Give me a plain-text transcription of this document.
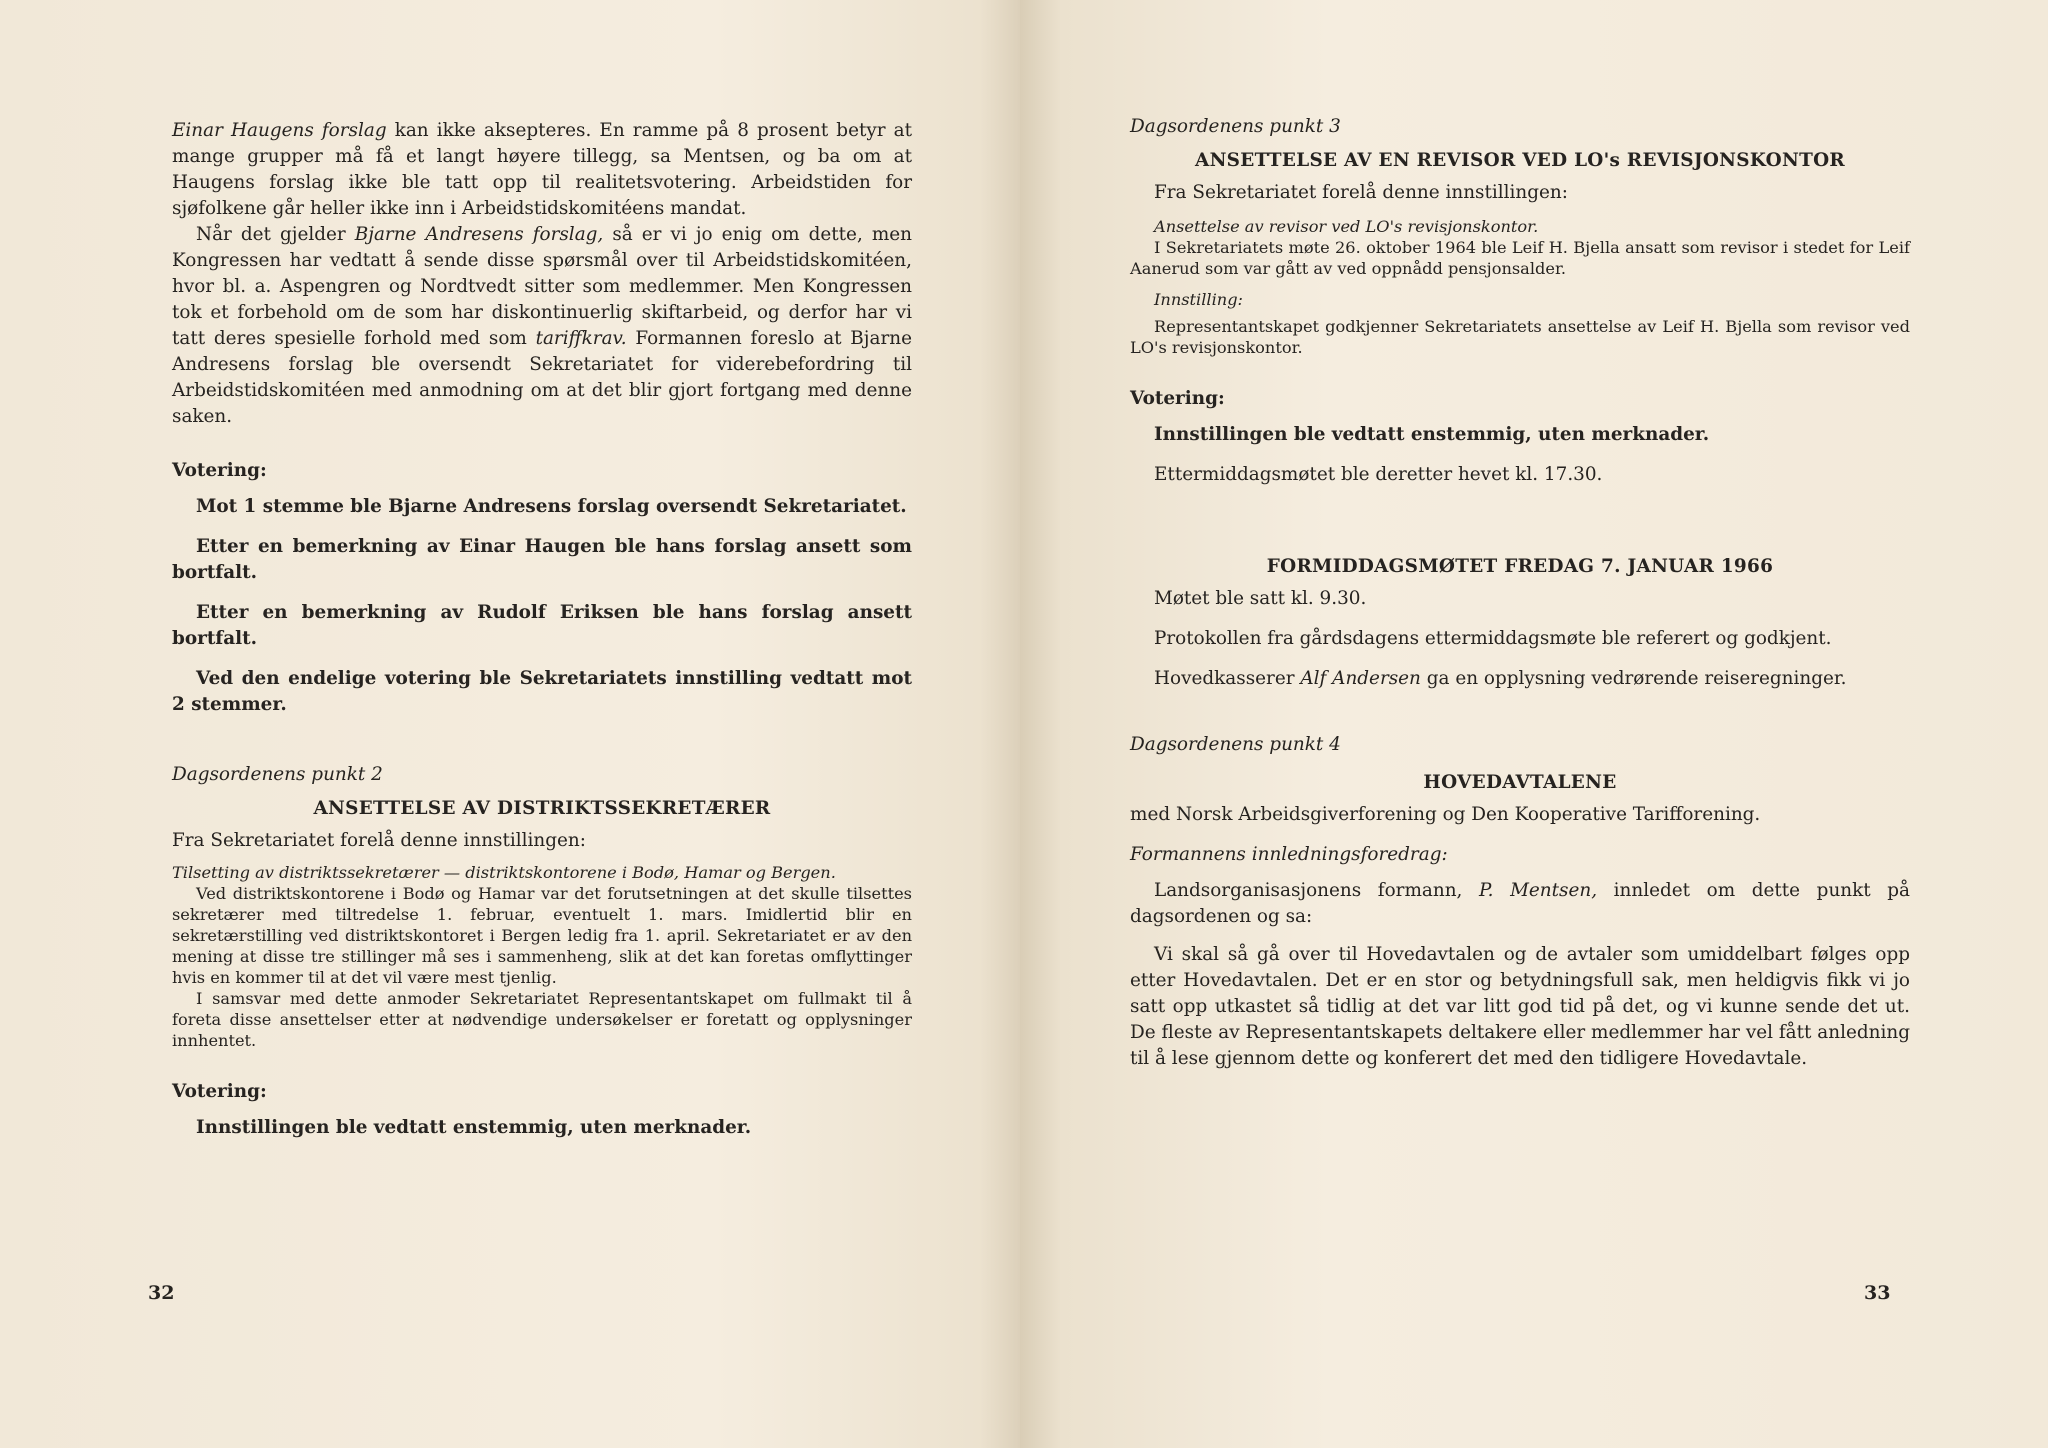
Einar Haugens forslag kan ikke aksepteres. En ramme på 8 prosent betyr at mange grupper må få et langt høyere tillegg, sa Mentsen, og ba om at Haugens forslag ikke ble tatt opp til realitetsvotering. Arbeidstiden for sjøfolkene går heller ikke inn i Arbeidstidskomitéens mandat.

Når det gjelder Bjarne Andresens forslag, så er vi jo enig om dette, men Kongressen har vedtatt å sende disse spørsmål over til Arbeidstidskomitéen, hvor bl. a. Aspengren og Nordtvedt sitter som medlemmer. Men Kongressen tok et forbehold om de som har diskontinuerlig skiftarbeid, og derfor har vi tatt deres spesielle forhold med som tariffkrav. Formannen foreslo at Bjarne Andresens forslag ble oversendt Sekretariatet for viderebefordring til Arbeidstidskomitéen med anmodning om at det blir gjort fortgang med denne saken.

Votering:

Mot 1 stemme ble Bjarne Andresens forslag oversendt Sekretariatet.

Etter en bemerkning av Einar Haugen ble hans forslag ansett som bortfalt.

Etter en bemerkning av Rudolf Eriksen ble hans forslag ansett bortfalt.

Ved den endelige votering ble Sekretariatets innstilling vedtatt mot 2 stemmer.

Dagsordenens punkt 2

ANSETTELSE AV DISTRIKTSSEKRETÆRER

Fra Sekretariatet forelå denne innstillingen:

Tilsetting av distriktssekretærer — distriktskontorene i Bodø, Hamar og Bergen.

Ved distriktskontorene i Bodø og Hamar var det forutsetningen at det skulle tilsettes sekretærer med tiltredelse 1. februar, eventuelt 1. mars. Imidlertid blir en sekretærstilling ved distriktskontoret i Bergen ledig fra 1. april. Sekretariatet er av den mening at disse tre stillinger må ses i sammenheng, slik at det kan foretas omflyttinger hvis en kommer til at det vil være mest tjenlig.

I samsvar med dette anmoder Sekretariatet Representantskapet om fullmakt til å foreta disse ansettelser etter at nødvendige undersøkelser er foretatt og opplysninger innhentet.

Votering:

Innstillingen ble vedtatt enstemmig, uten merknader.

32

Dagsordenens punkt 3

ANSETTELSE AV EN REVISOR VED LO's REVISJONSKONTOR

Fra Sekretariatet forelå denne innstillingen:

Ansettelse av revisor ved LO's revisjonskontor.

I Sekretariatets møte 26. oktober 1964 ble Leif H. Bjella ansatt som revisor i stedet for Leif Aanerud som var gått av ved oppnådd pensjonsalder.

Innstilling:

Representantskapet godkjenner Sekretariatets ansettelse av Leif H. Bjella som revisor ved LO's revisjonskontor.

Votering:

Innstillingen ble vedtatt enstemmig, uten merknader.

Ettermiddagsmøtet ble deretter hevet kl. 17.30.

FORMIDDAGSMØTET FREDAG 7. JANUAR 1966

Møtet ble satt kl. 9.30.

Protokollen fra gårdsdagens ettermiddagsmøte ble referert og godkjent.

Hovedkasserer Alf Andersen ga en opplysning vedrørende reiseregninger.

Dagsordenens punkt 4

HOVEDAVTALENE

med Norsk Arbeidsgiverforening og Den Kooperative Tarifforening.

Formannens innledningsforedrag:

Landsorganisasjonens formann, P. Mentsen, innledet om dette punkt på dagsordenen og sa:

Vi skal så gå over til Hovedavtalen og de avtaler som umiddelbart følges opp etter Hovedavtalen. Det er en stor og betydningsfull sak, men heldigvis fikk vi jo satt opp utkastet så tidlig at det var litt god tid på det, og vi kunne sende det ut. De fleste av Representantskapets deltakere eller medlemmer har vel fått anledning til å lese gjennom dette og konferert det med den tidligere Hovedavtale.

33
